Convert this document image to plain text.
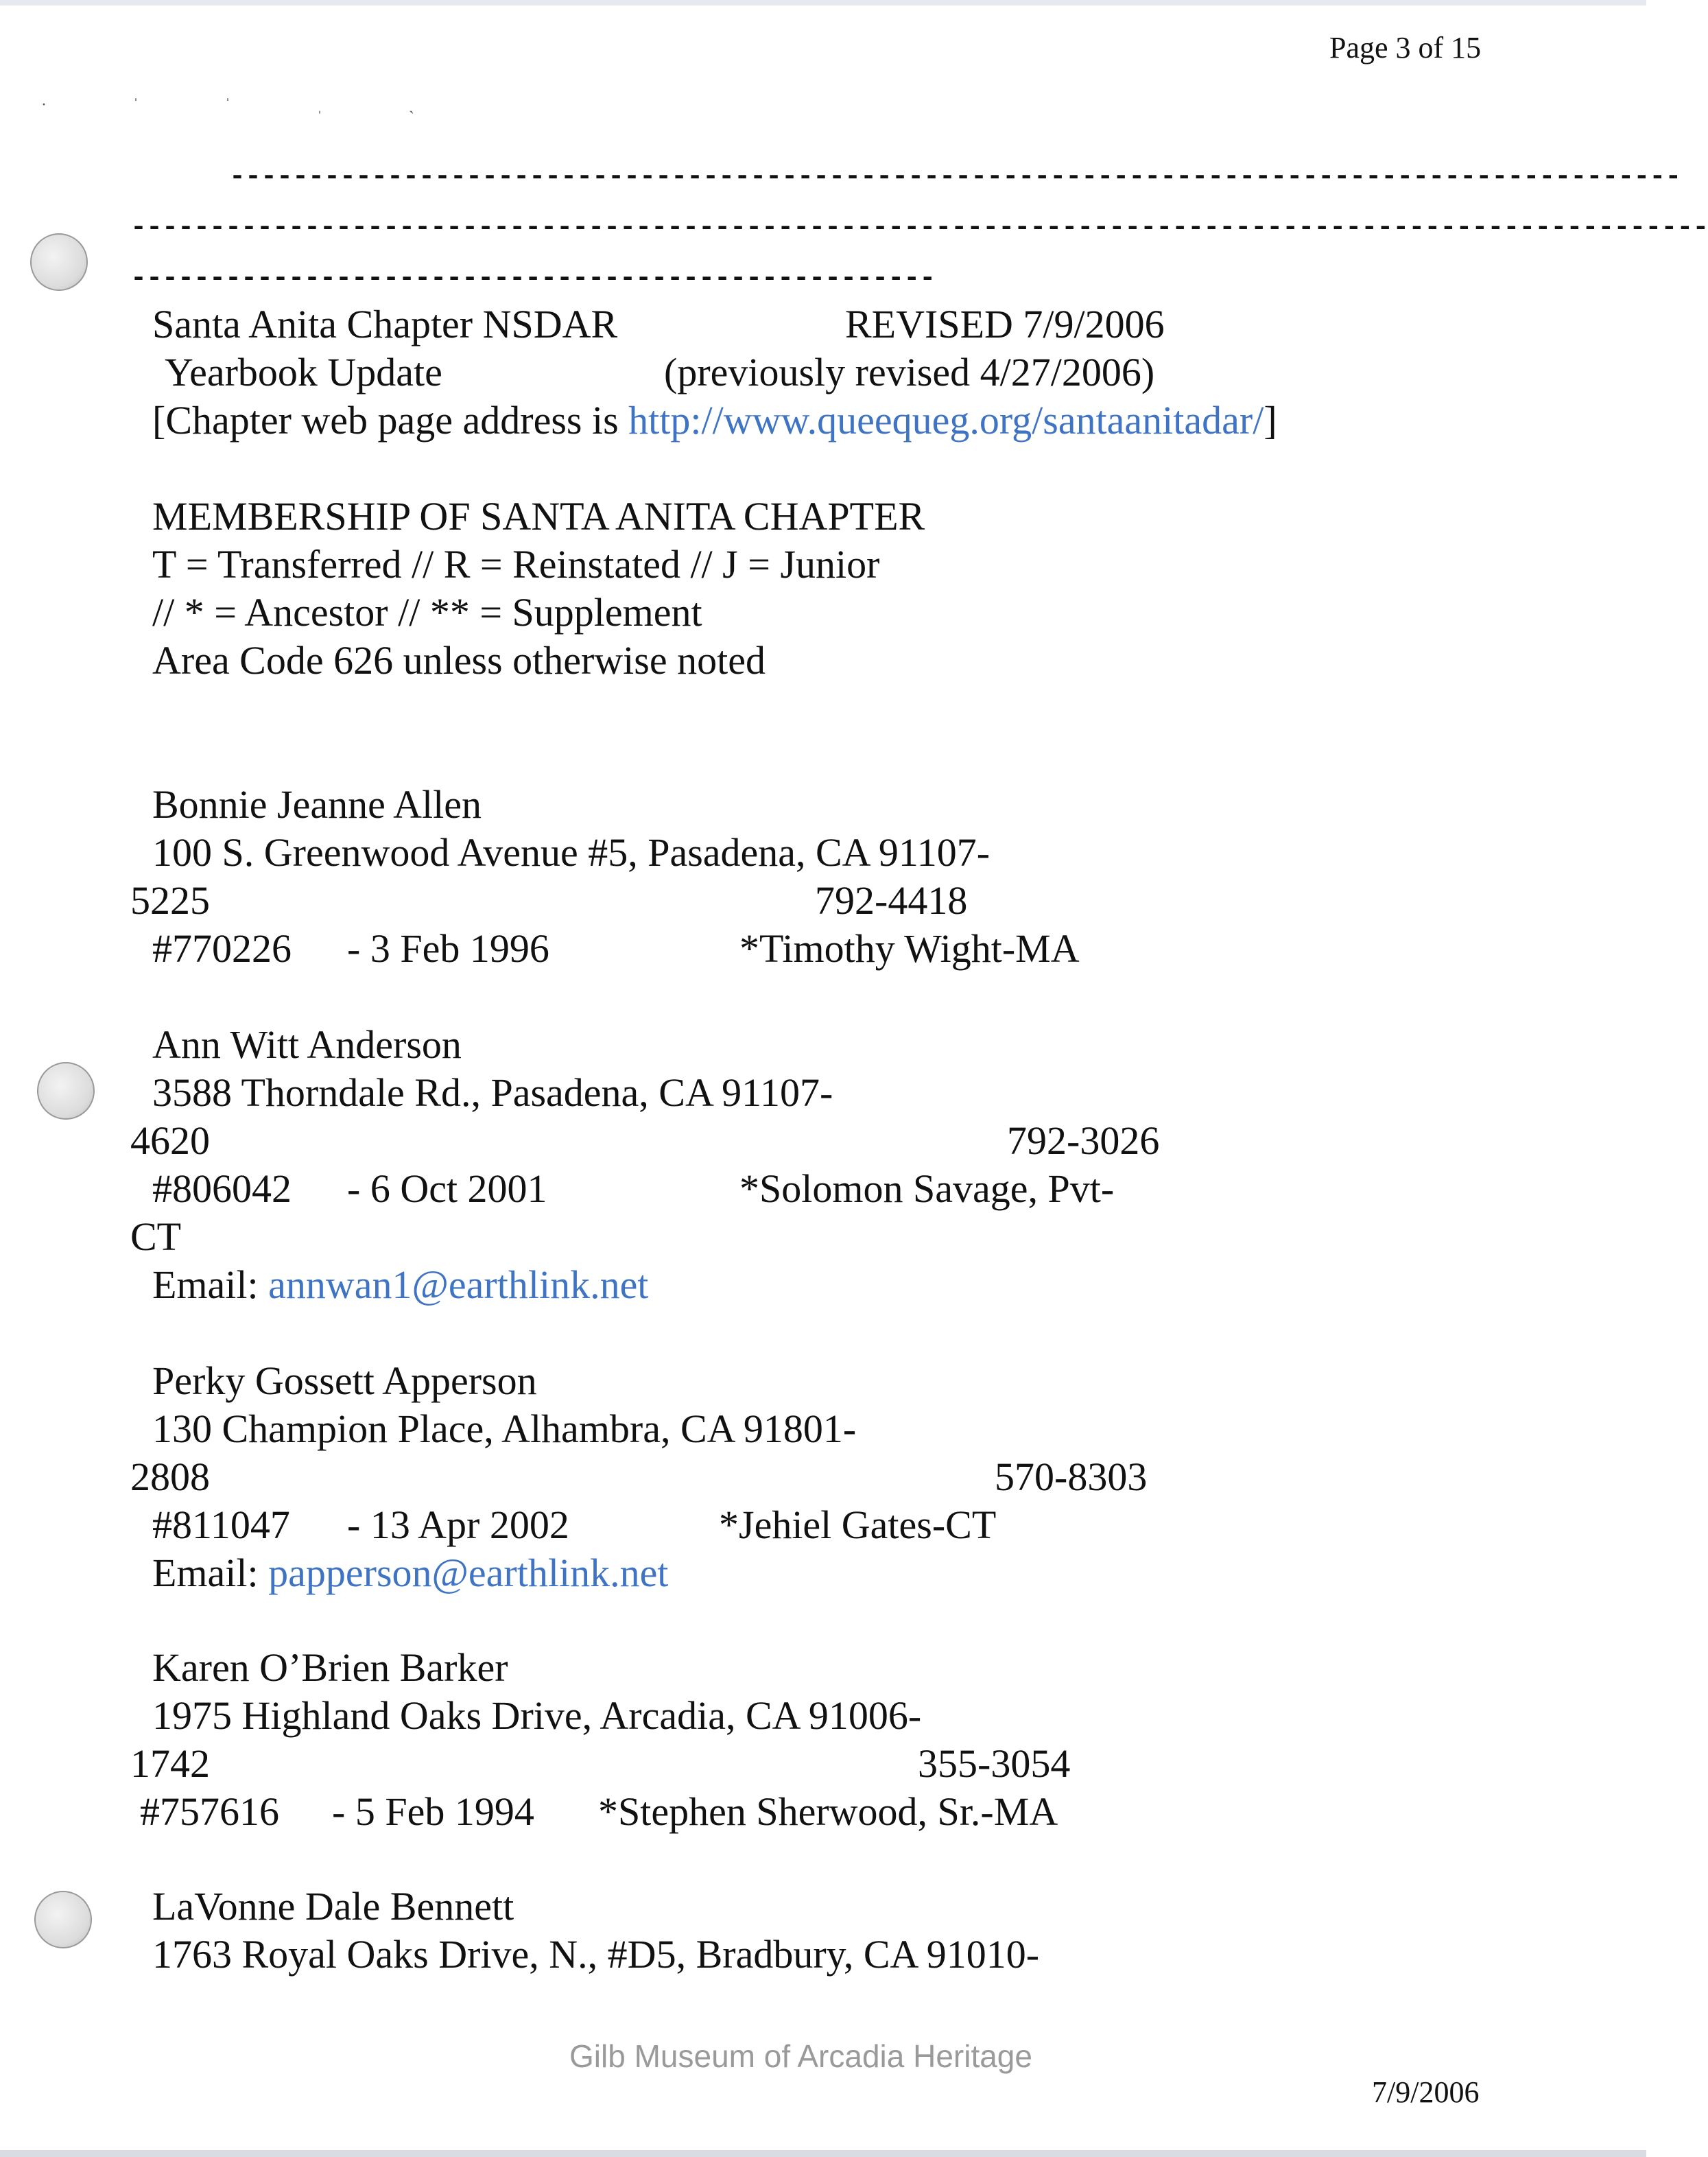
Page 3 of 15
· ˈ ˈ ˌ ˎ
--------------------------------------------------------------------------------------------
----------------------------------------------------------------------------------------------------
---------------------------------------------------
Santa Anita Chapter NSDAR	REVISED 7/9/2006
Yearbook Update	(previously revised 4/27/2006)
[Chapter web page address is http://www.queequeg.org/santaanitadar/]
MEMBERSHIP OF SANTA ANITA CHAPTER
T = Transferred // R = Reinstated // J = Junior
// * = Ancestor // ** = Supplement
Area Code 626 unless otherwise noted
Bonnie Jeanne Allen
100 S. Greenwood Avenue #5, Pasadena, CA 91107-
5225	792-4418
#770226 - 3 Feb 1996	*Timothy Wight-MA
Ann Witt Anderson
3588 Thorndale Rd., Pasadena, CA 91107-
4620	792-3026
#806042 - 6 Oct 2001	*Solomon Savage, Pvt-
CT
Email: annwan1@earthlink.net
Perky Gossett Apperson
130 Champion Place, Alhambra, CA 91801-
2808	570-8303
#811047 - 13 Apr 2002	*Jehiel Gates-CT
Email: papperson@earthlink.net
Karen O’Brien Barker
1975 Highland Oaks Drive, Arcadia, CA 91006-
1742	355-3054
#757616 - 5 Feb 1994 *Stephen Sherwood, Sr.-MA
LaVonne Dale Bennett
1763 Royal Oaks Drive, N., #D5, Bradbury, CA 91010-
Gilb Museum of Arcadia Heritage
7/9/2006
